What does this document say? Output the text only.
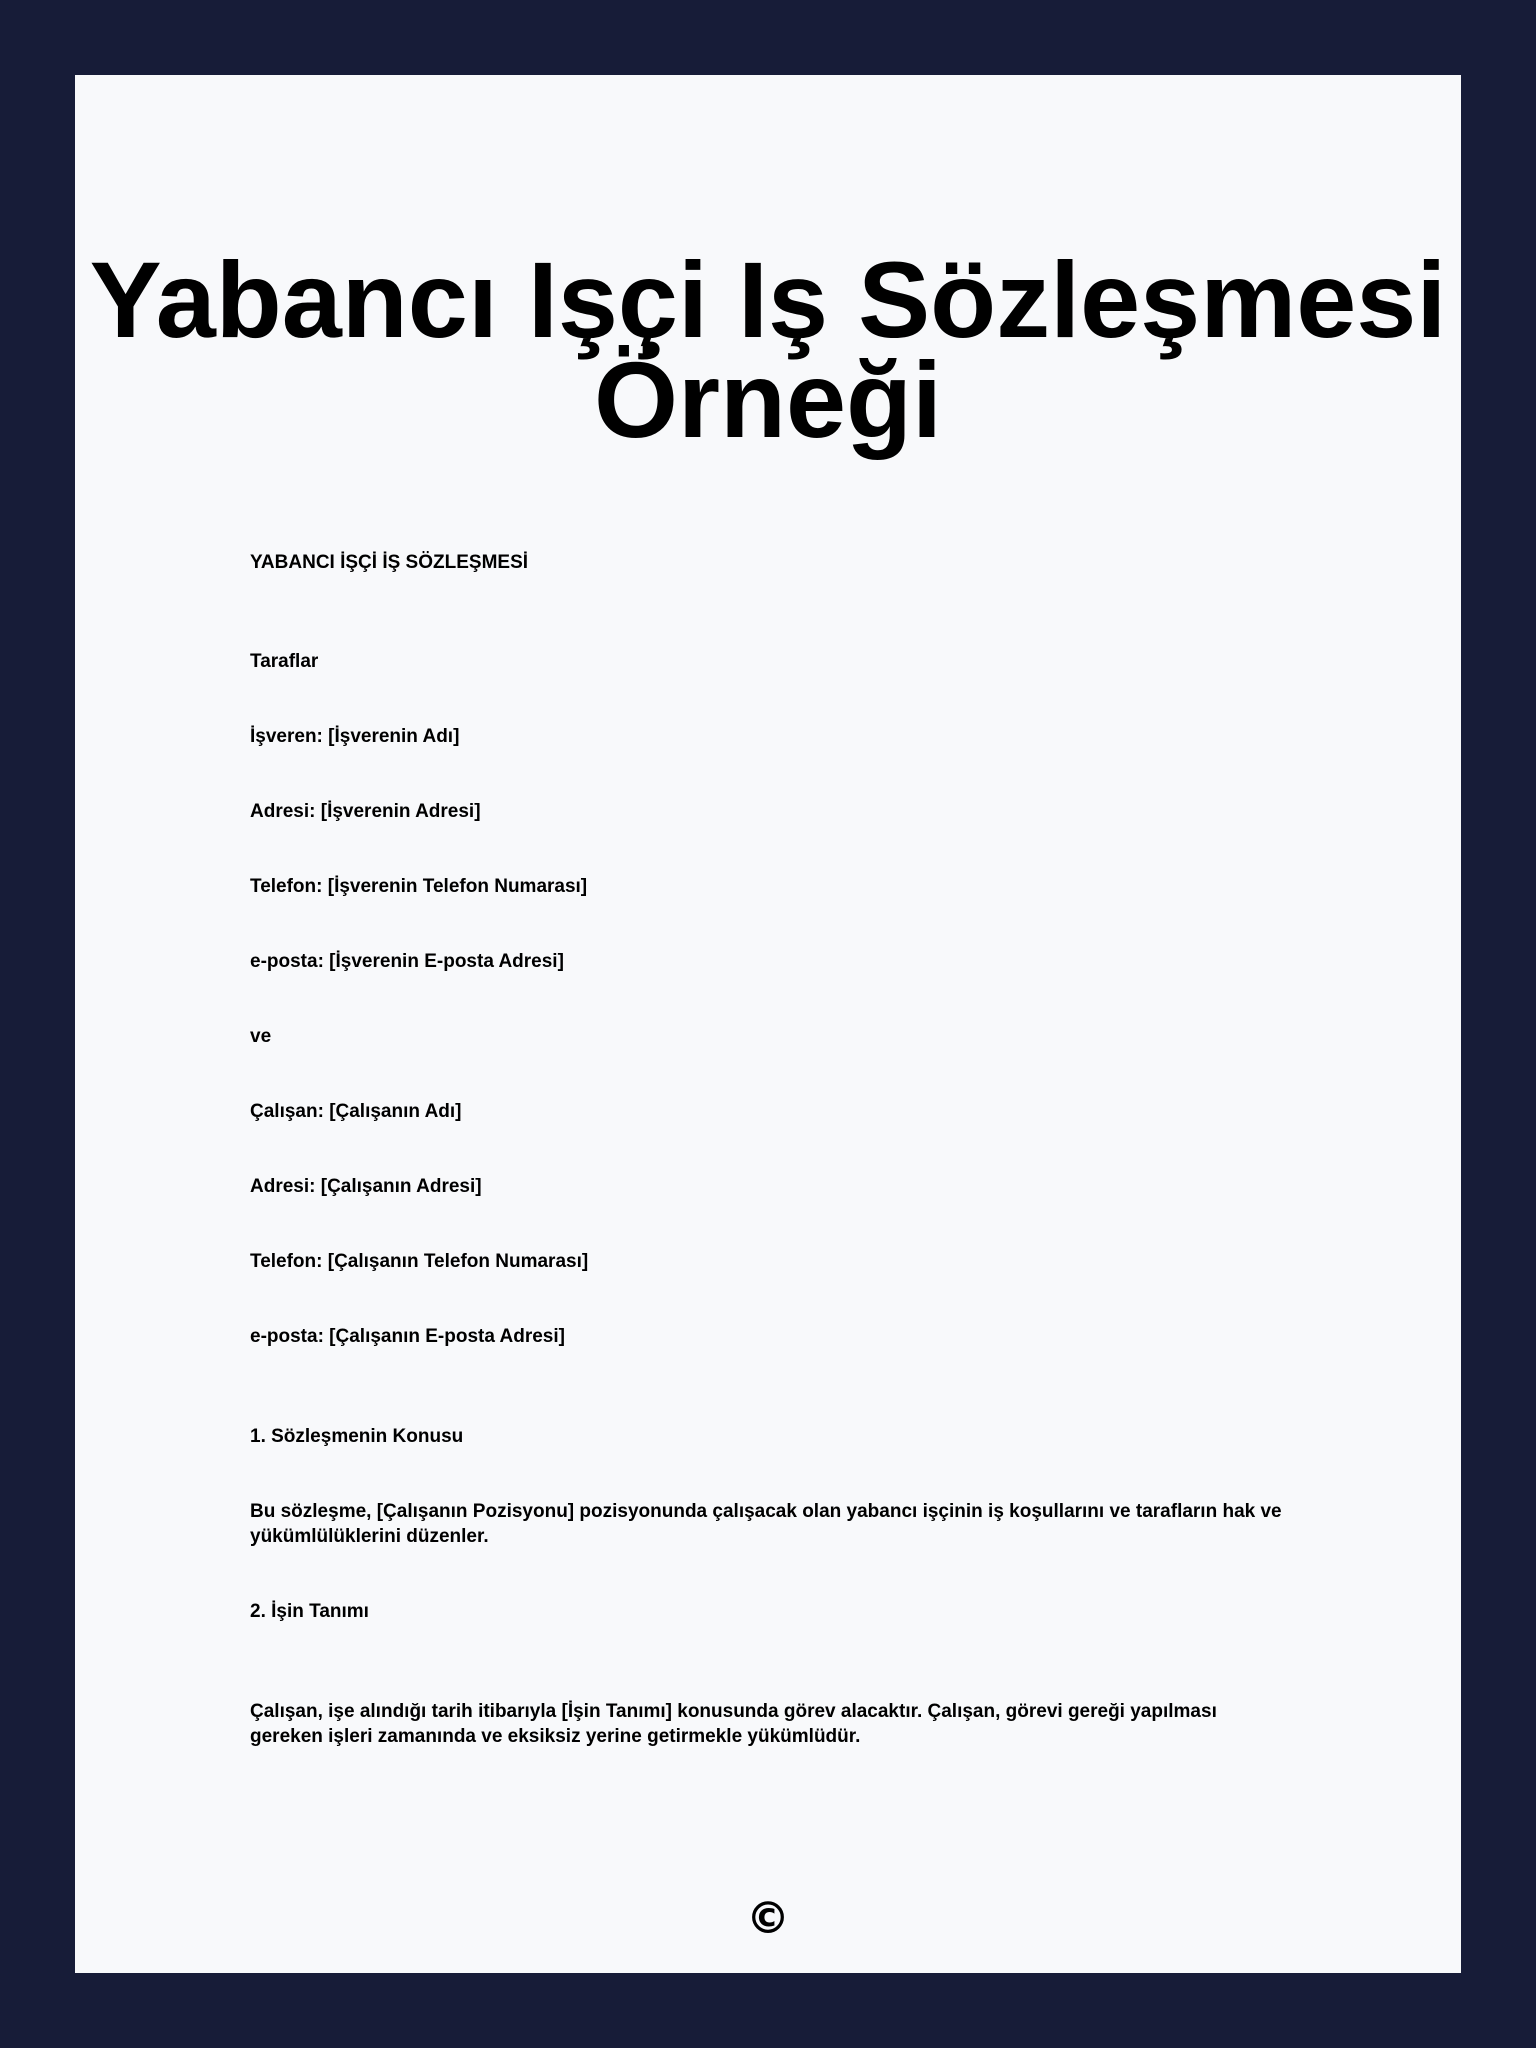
Yabancı Işçi Iş Sözleşmesi Örneği

YABANCI İŞÇİ İŞ SÖZLEŞMESİ

Taraflar

İşveren: [İşverenin Adı]

Adresi: [İşverenin Adresi]

Telefon: [İşverenin Telefon Numarası]

e-posta: [İşverenin E-posta Adresi]

ve

Çalışan: [Çalışanın Adı]

Adresi: [Çalışanın Adresi]

Telefon: [Çalışanın Telefon Numarası]

e-posta: [Çalışanın E-posta Adresi]

1. Sözleşmenin Konusu

Bu sözleşme, [Çalışanın Pozisyonu] pozisyonunda çalışacak olan yabancı işçinin iş koşullarını ve tarafların hak ve yükümlülüklerini düzenler.

2. İşin Tanımı

Çalışan, işe alındığı tarih itibarıyla [İşin Tanımı] konusunda görev alacaktır. Çalışan, görevi gereği yapılması gereken işleri zamanında ve eksiksiz yerine getirmekle yükümlüdür.

©
